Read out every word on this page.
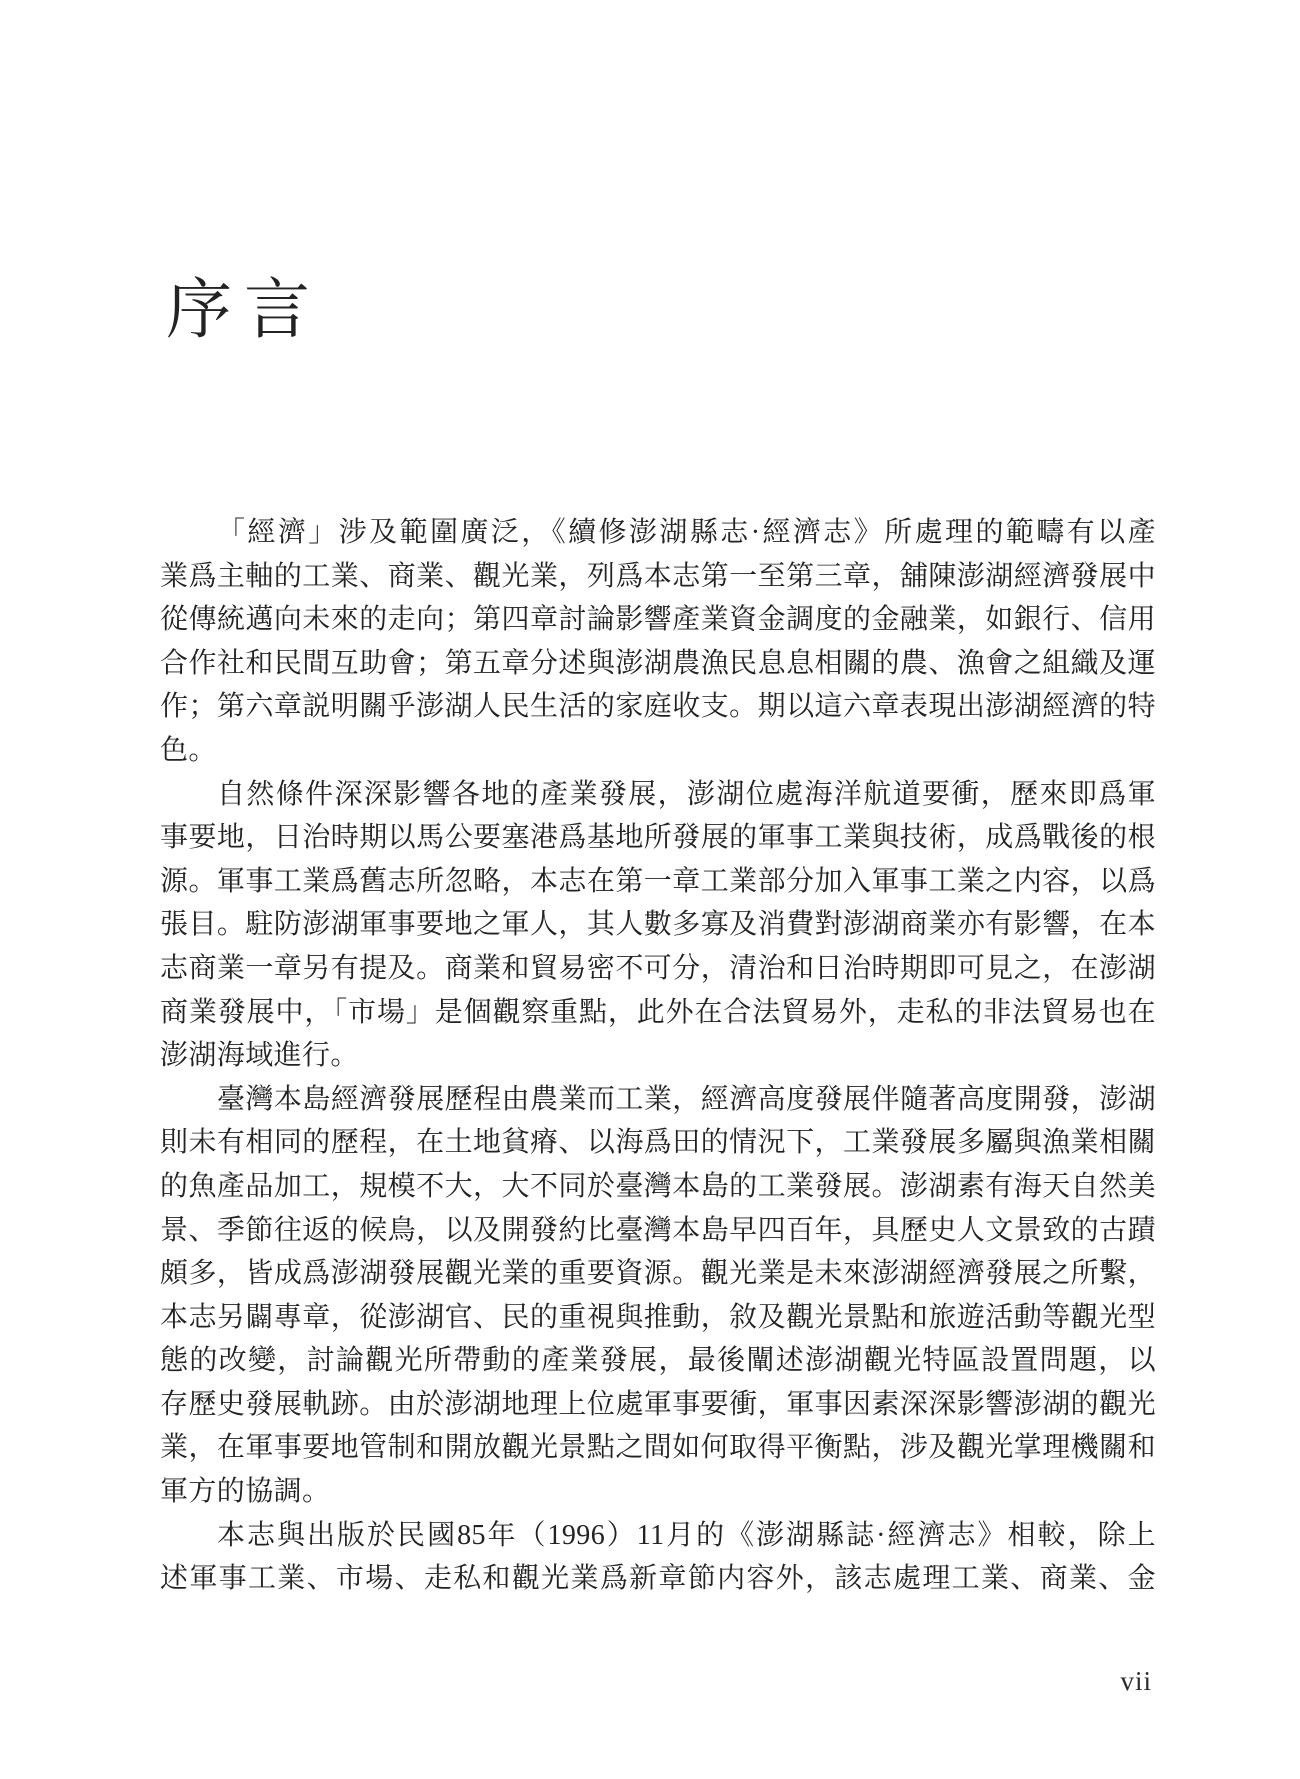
序言
「經濟」涉及範圍廣泛，《續修澎湖縣志·經濟志》所處理的範疇有以產
業爲主軸的工業、商業、觀光業，列爲本志第一至第三章，舖陳澎湖經濟發展中
從傳統邁向未來的走向；第四章討論影響產業資金調度的金融業，如銀行、信用
合作社和民間互助會；第五章分述與澎湖農漁民息息相關的農、漁會之組織及運
作；第六章説明關乎澎湖人民生活的家庭收支。期以這六章表現出澎湖經濟的特
色。
自然條件深深影響各地的產業發展，澎湖位處海洋航道要衝，歷來即爲軍
事要地，日治時期以馬公要塞港爲基地所發展的軍事工業與技術，成爲戰後的根
源。軍事工業爲舊志所忽略，本志在第一章工業部分加入軍事工業之内容，以爲
張目。駐防澎湖軍事要地之軍人，其人數多寡及消費對澎湖商業亦有影響，在本
志商業一章另有提及。商業和貿易密不可分，清治和日治時期即可見之，在澎湖
商業發展中，「市場」是個觀察重點，此外在合法貿易外，走私的非法貿易也在
澎湖海域進行。
臺灣本島經濟發展歷程由農業而工業，經濟高度發展伴隨著高度開發，澎湖
則未有相同的歷程，在土地貧瘠、以海爲田的情況下，工業發展多屬與漁業相關
的魚產品加工，規模不大，大不同於臺灣本島的工業發展。澎湖素有海天自然美
景、季節往返的候鳥，以及開發約比臺灣本島早四百年，具歷史人文景致的古蹟
頗多，皆成爲澎湖發展觀光業的重要資源。觀光業是未來澎湖經濟發展之所繫，
本志另闢專章，從澎湖官、民的重視與推動，敘及觀光景點和旅遊活動等觀光型
態的改變，討論觀光所帶動的產業發展，最後闡述澎湖觀光特區設置問題，以
存歷史發展軌跡。由於澎湖地理上位處軍事要衝，軍事因素深深影響澎湖的觀光
業，在軍事要地管制和開放觀光景點之間如何取得平衡點，涉及觀光掌理機關和
軍方的協調。
本志與出版於民國85年（1996）11月的《澎湖縣誌·經濟志》相較，除上
述軍事工業、市場、走私和觀光業爲新章節内容外，該志處理工業、商業、金
vii
